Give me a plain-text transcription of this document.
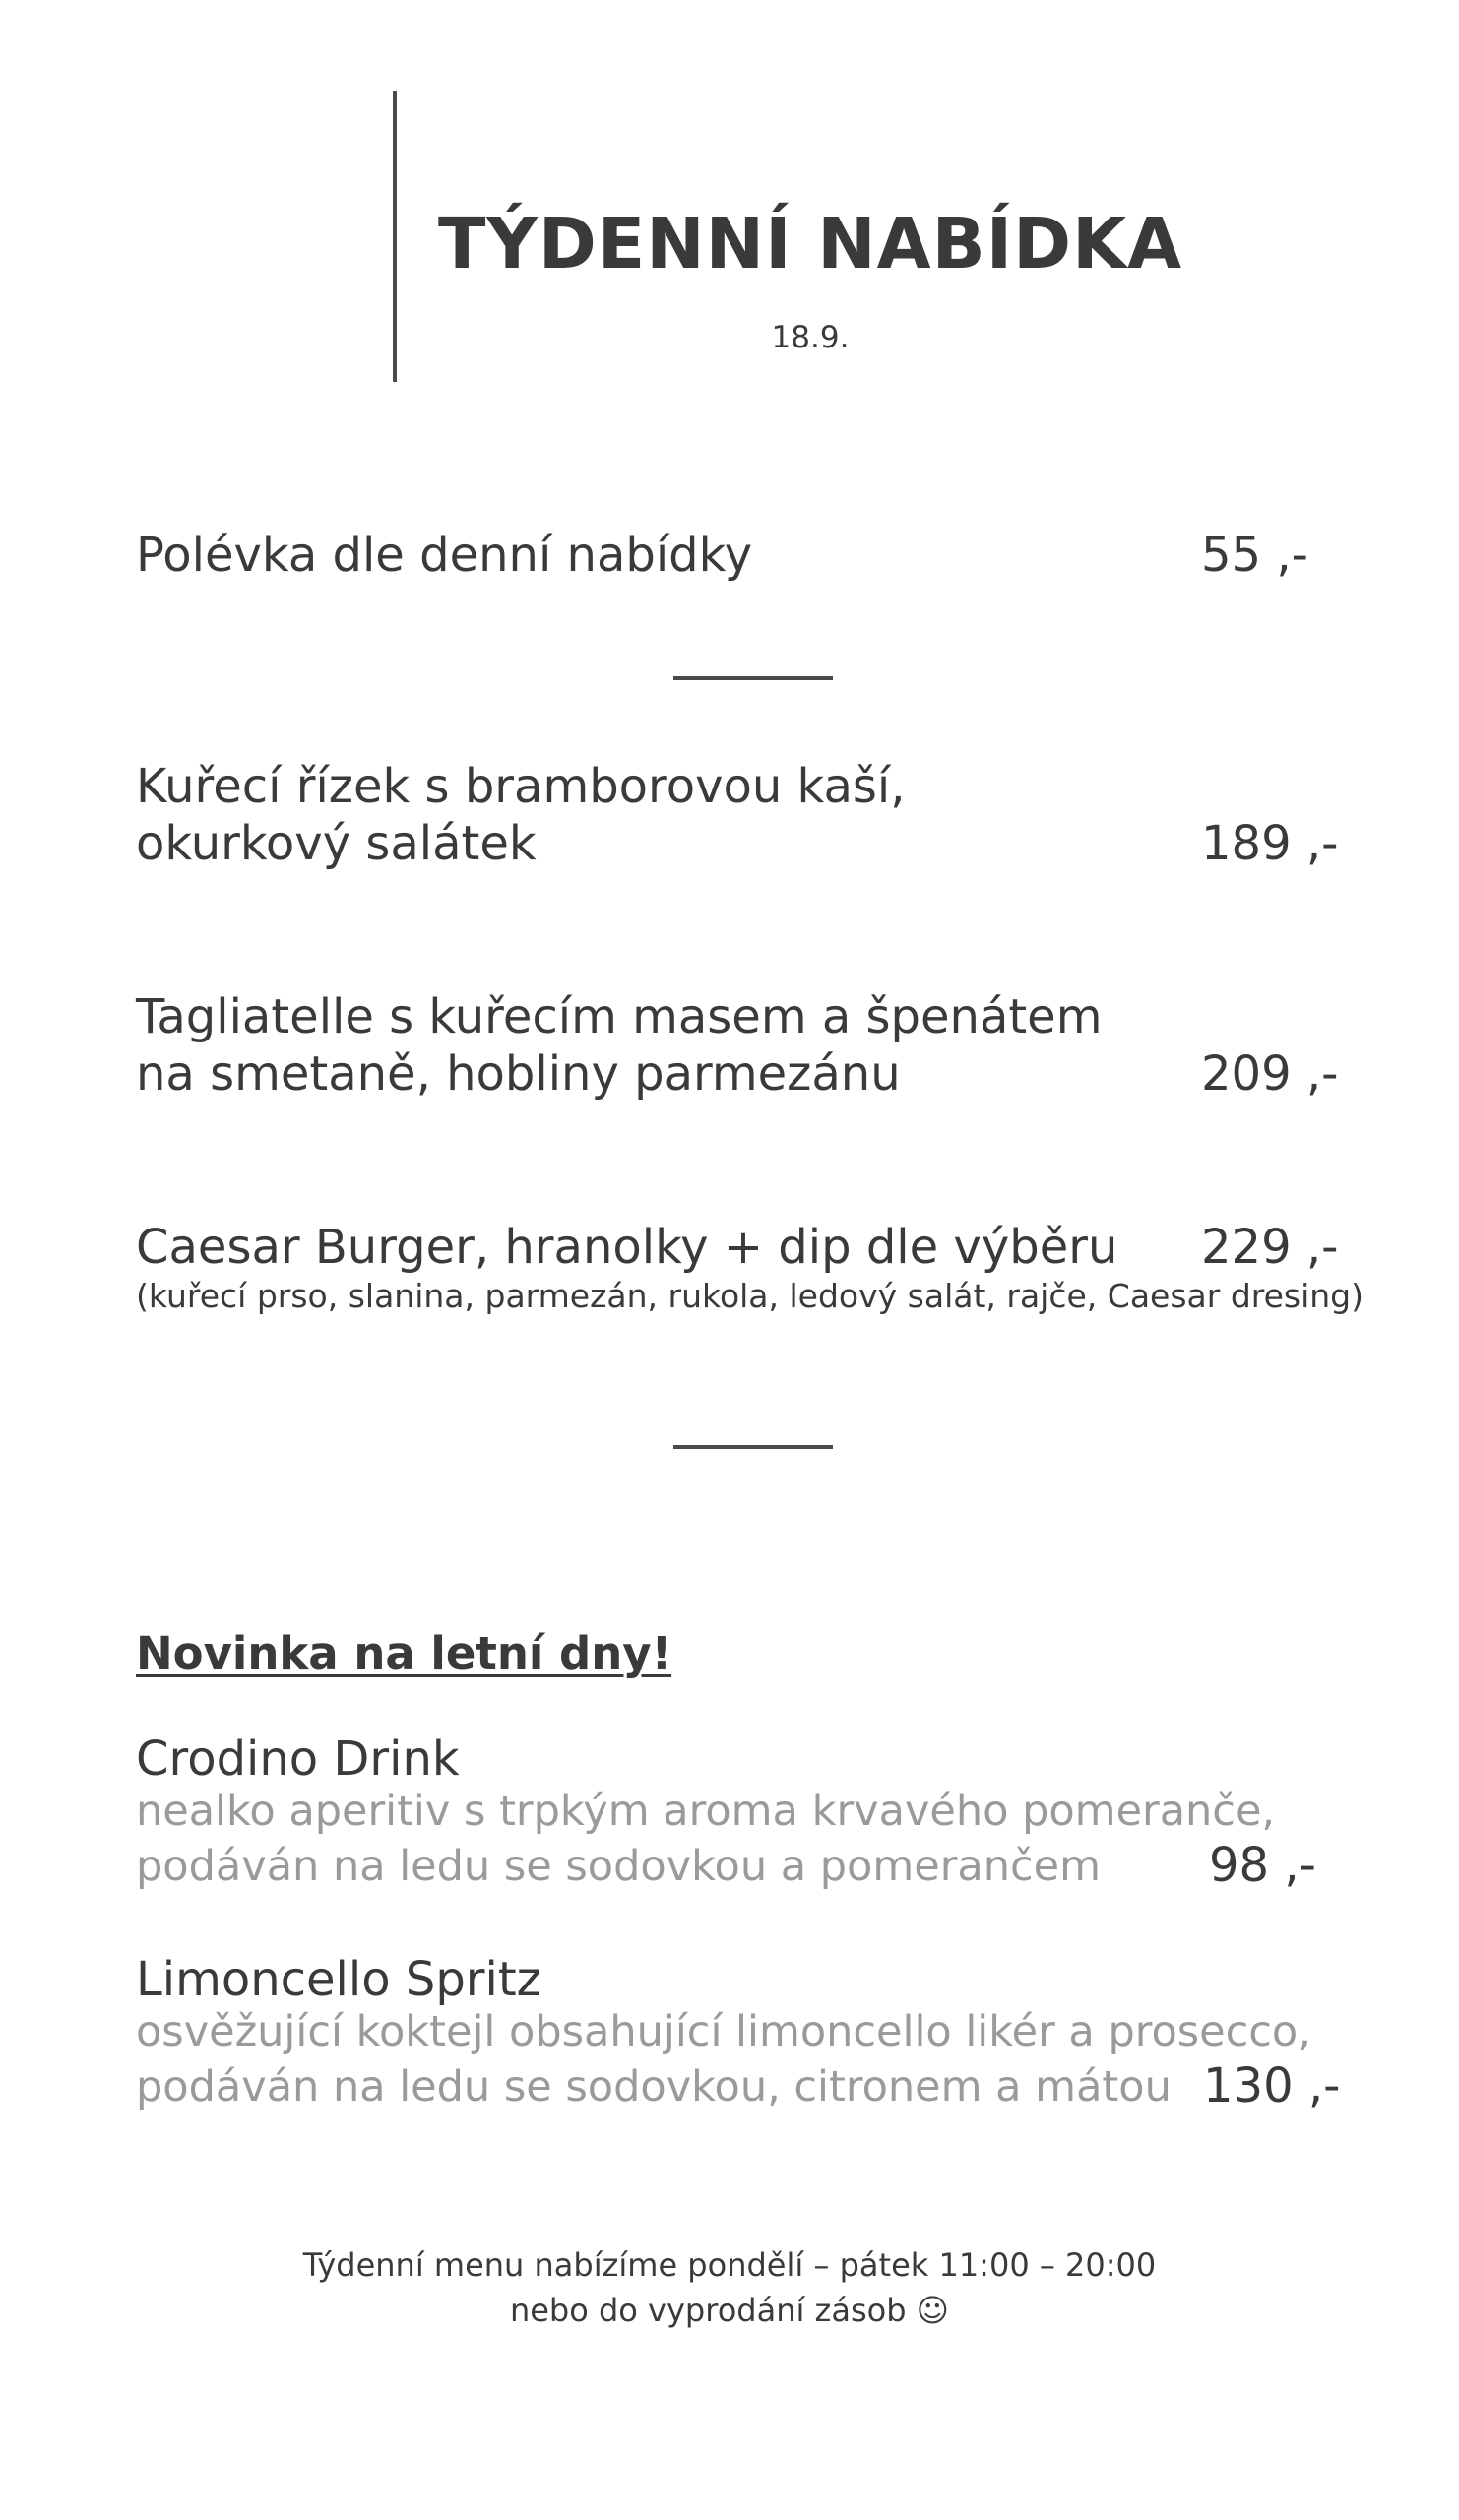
TÝDENNÍ NABÍDKA
18.9.
Polévka dle denní nabídky	55 ,-
Kuřecí řízek s bramborovou kaší,
okurkový salátek	189 ,-
Tagliatelle s kuřecím masem a špenátem
na smetaně, hobliny parmezánu	209 ,-
Caesar Burger, hranolky + dip dle výběru 229 ,-
(kuřecí prso, slanina, parmezán, rukola, ledový salát, rajče, Caesar dresing)
Novinka na letní dny!
Crodino Drink
nealko aperitiv s trpkým aroma krvavého pomeranče,
podáván na ledu se sodovkou a pomerančem 98 ,-
Limoncello Spritz
osvěžující koktejl obsahující limoncello likér a prosecco,
podáván na ledu se sodovkou, citronem a mátou 130 ,-
Týdenní menu nabízíme pondělí – pátek 11:00 – 20:00
nebo do vyprodání zásob ☺
